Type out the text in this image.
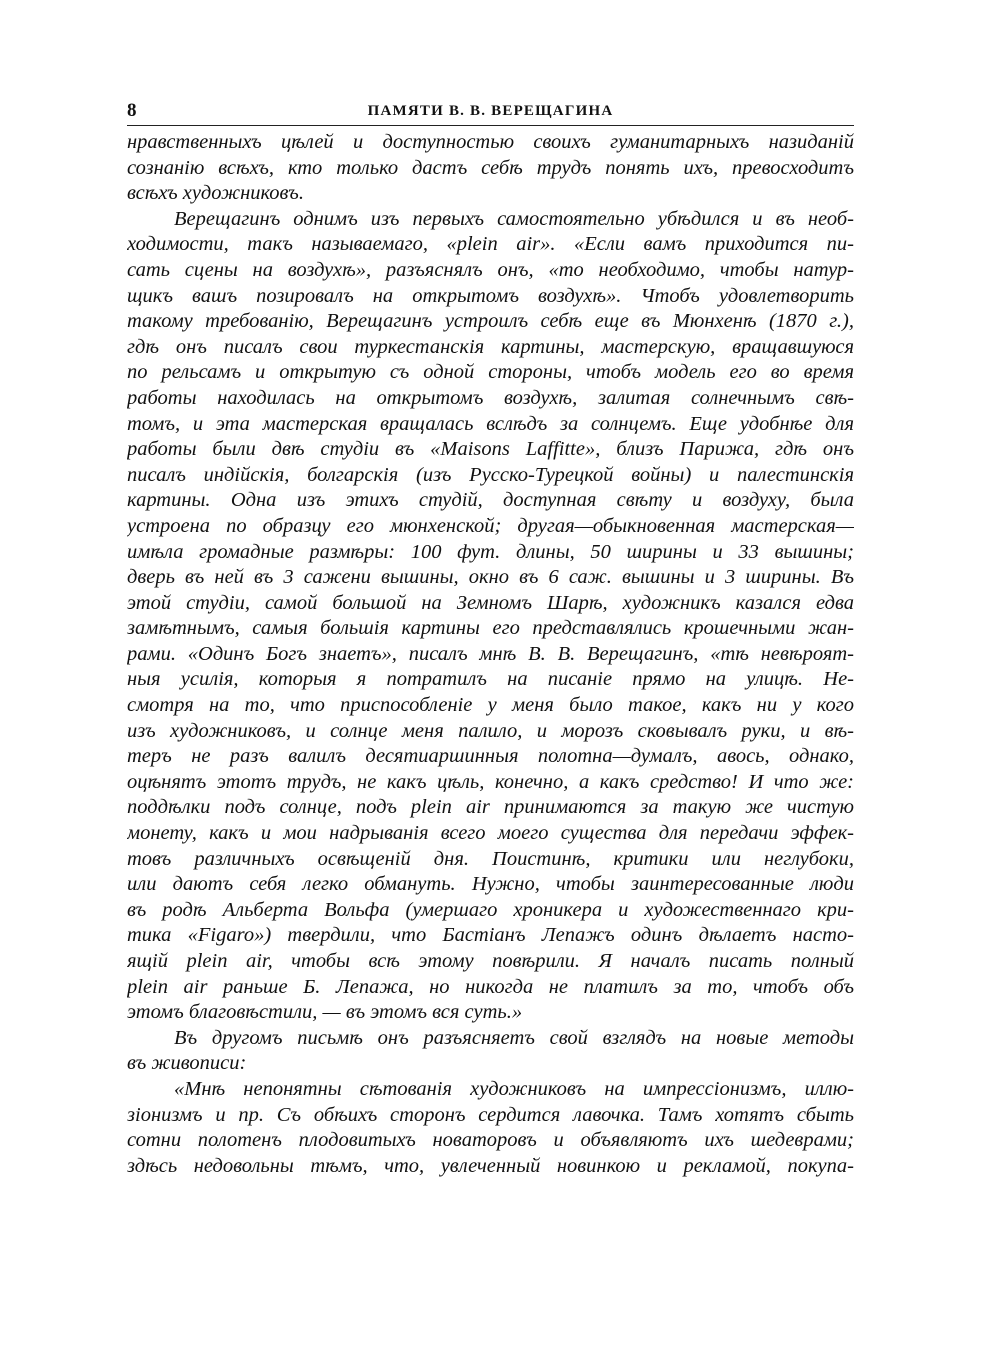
8	ПАМЯТИ В. В. ВЕРЕЩАГИНА
нравственныхъ цѣлей и доступностью своихъ гуманитарныхъ назиданій
сознанію всѣхъ, кто только дастъ себѣ трудъ понять ихъ, превосходитъ
всѣхъ художниковъ.
Верещагинъ однимъ изъ первыхъ самостоятельно убѣдился и въ необ-
ходимости, такъ называемаго, «plein air». «Если вамъ приходится пи-
сать сцены на воздухѣ», разъяснялъ онъ, «то необходимо, чтобы натур-
щикъ вашъ позировалъ на открытомъ воздухѣ». Чтобъ удовлетворить
такому требованію, Верещагинъ устроилъ себѣ еще въ Мюнхенѣ (1870 г.),
гдѣ онъ писалъ свои туркестанскія картины, мастерскую, вращавшуюся
по рельсамъ и открытую съ одной стороны, чтобъ модель его во время
работы находилась на открытомъ воздухѣ, залитая солнечнымъ свѣ-
томъ, и эта мастерская вращалась вслѣдъ за солнцемъ. Еще удобнѣе для
работы были двѣ студіи въ «Maisons Laffitte», близъ Парижа, гдѣ онъ
писалъ индійскія, болгарскія (изъ Русско-Турецкой войны) и палестинскія
картины. Одна изъ этихъ студій, доступная свѣту и воздуху, была
устроена по образцу его мюнхенской; другая—обыкновенная мастерская—
имѣла громадные размѣры: 100 фут. длины, 50 ширины и 33 вышины;
дверь въ ней въ 3 сажени вышины, окно въ 6 саж. вышины и 3 ширины. Въ
этой студіи, самой большой на Земномъ Шарѣ, художникъ казался едва
замѣтнымъ, самыя большія картины его представлялись крошечными жан-
рами. «Одинъ Богъ знаетъ», писалъ мнѣ В. В. Верещагинъ, «тѣ невѣроят-
ныя усилія, которыя я потратилъ на писаніе прямо на улицѣ. Не-
смотря на то, что приспособленіе у меня было такое, какъ ни у кого
изъ художниковъ, и солнце меня палило, и морозъ сковывалъ руки, и вѣ-
теръ не разъ валилъ десятиаршинныя полотна—думалъ, авось, однако,
оцѣнятъ этотъ трудъ, не какъ цѣль, конечно, а какъ средство! И что же:
поддѣлки подъ солнце, подъ plein air принимаются за такую же чистую
монету, какъ и мои надрыванія всего моего существа для передачи эффек-
товъ различныхъ освѣщеній дня. Поистинѣ, критики или неглубоки,
или даютъ себя легко обмануть. Нужно, чтобы заинтересованные люди
въ родѣ Альберта Вольфа (умершаго хроникера и художественнаго кри-
тика «Figaro») твердили, что Бастіанъ Лепажъ одинъ дѣлаетъ насто-
ящій plein air, чтобы всѣ этому повѣрили. Я началъ писать полный
plein air раньше Б. Лепажа, но никогда не платилъ за то, чтобъ объ
этомъ благовѣстили, — въ этомъ вся суть.»
Въ другомъ письмѣ онъ разъясняетъ свой взглядъ на новые методы
въ живописи:
«Мнѣ непонятны сѣтованія художниковъ на импрессіонизмъ, иллю-
зіонизмъ и пр. Съ обѣихъ сторонъ сердится лавочка. Тамъ хотятъ сбыть
сотни полотенъ плодовитыхъ новаторовъ и объявляютъ ихъ шедеврами;
здѣсь недовольны тѣмъ, что, увлеченный новинкою и рекламой, покупа-
